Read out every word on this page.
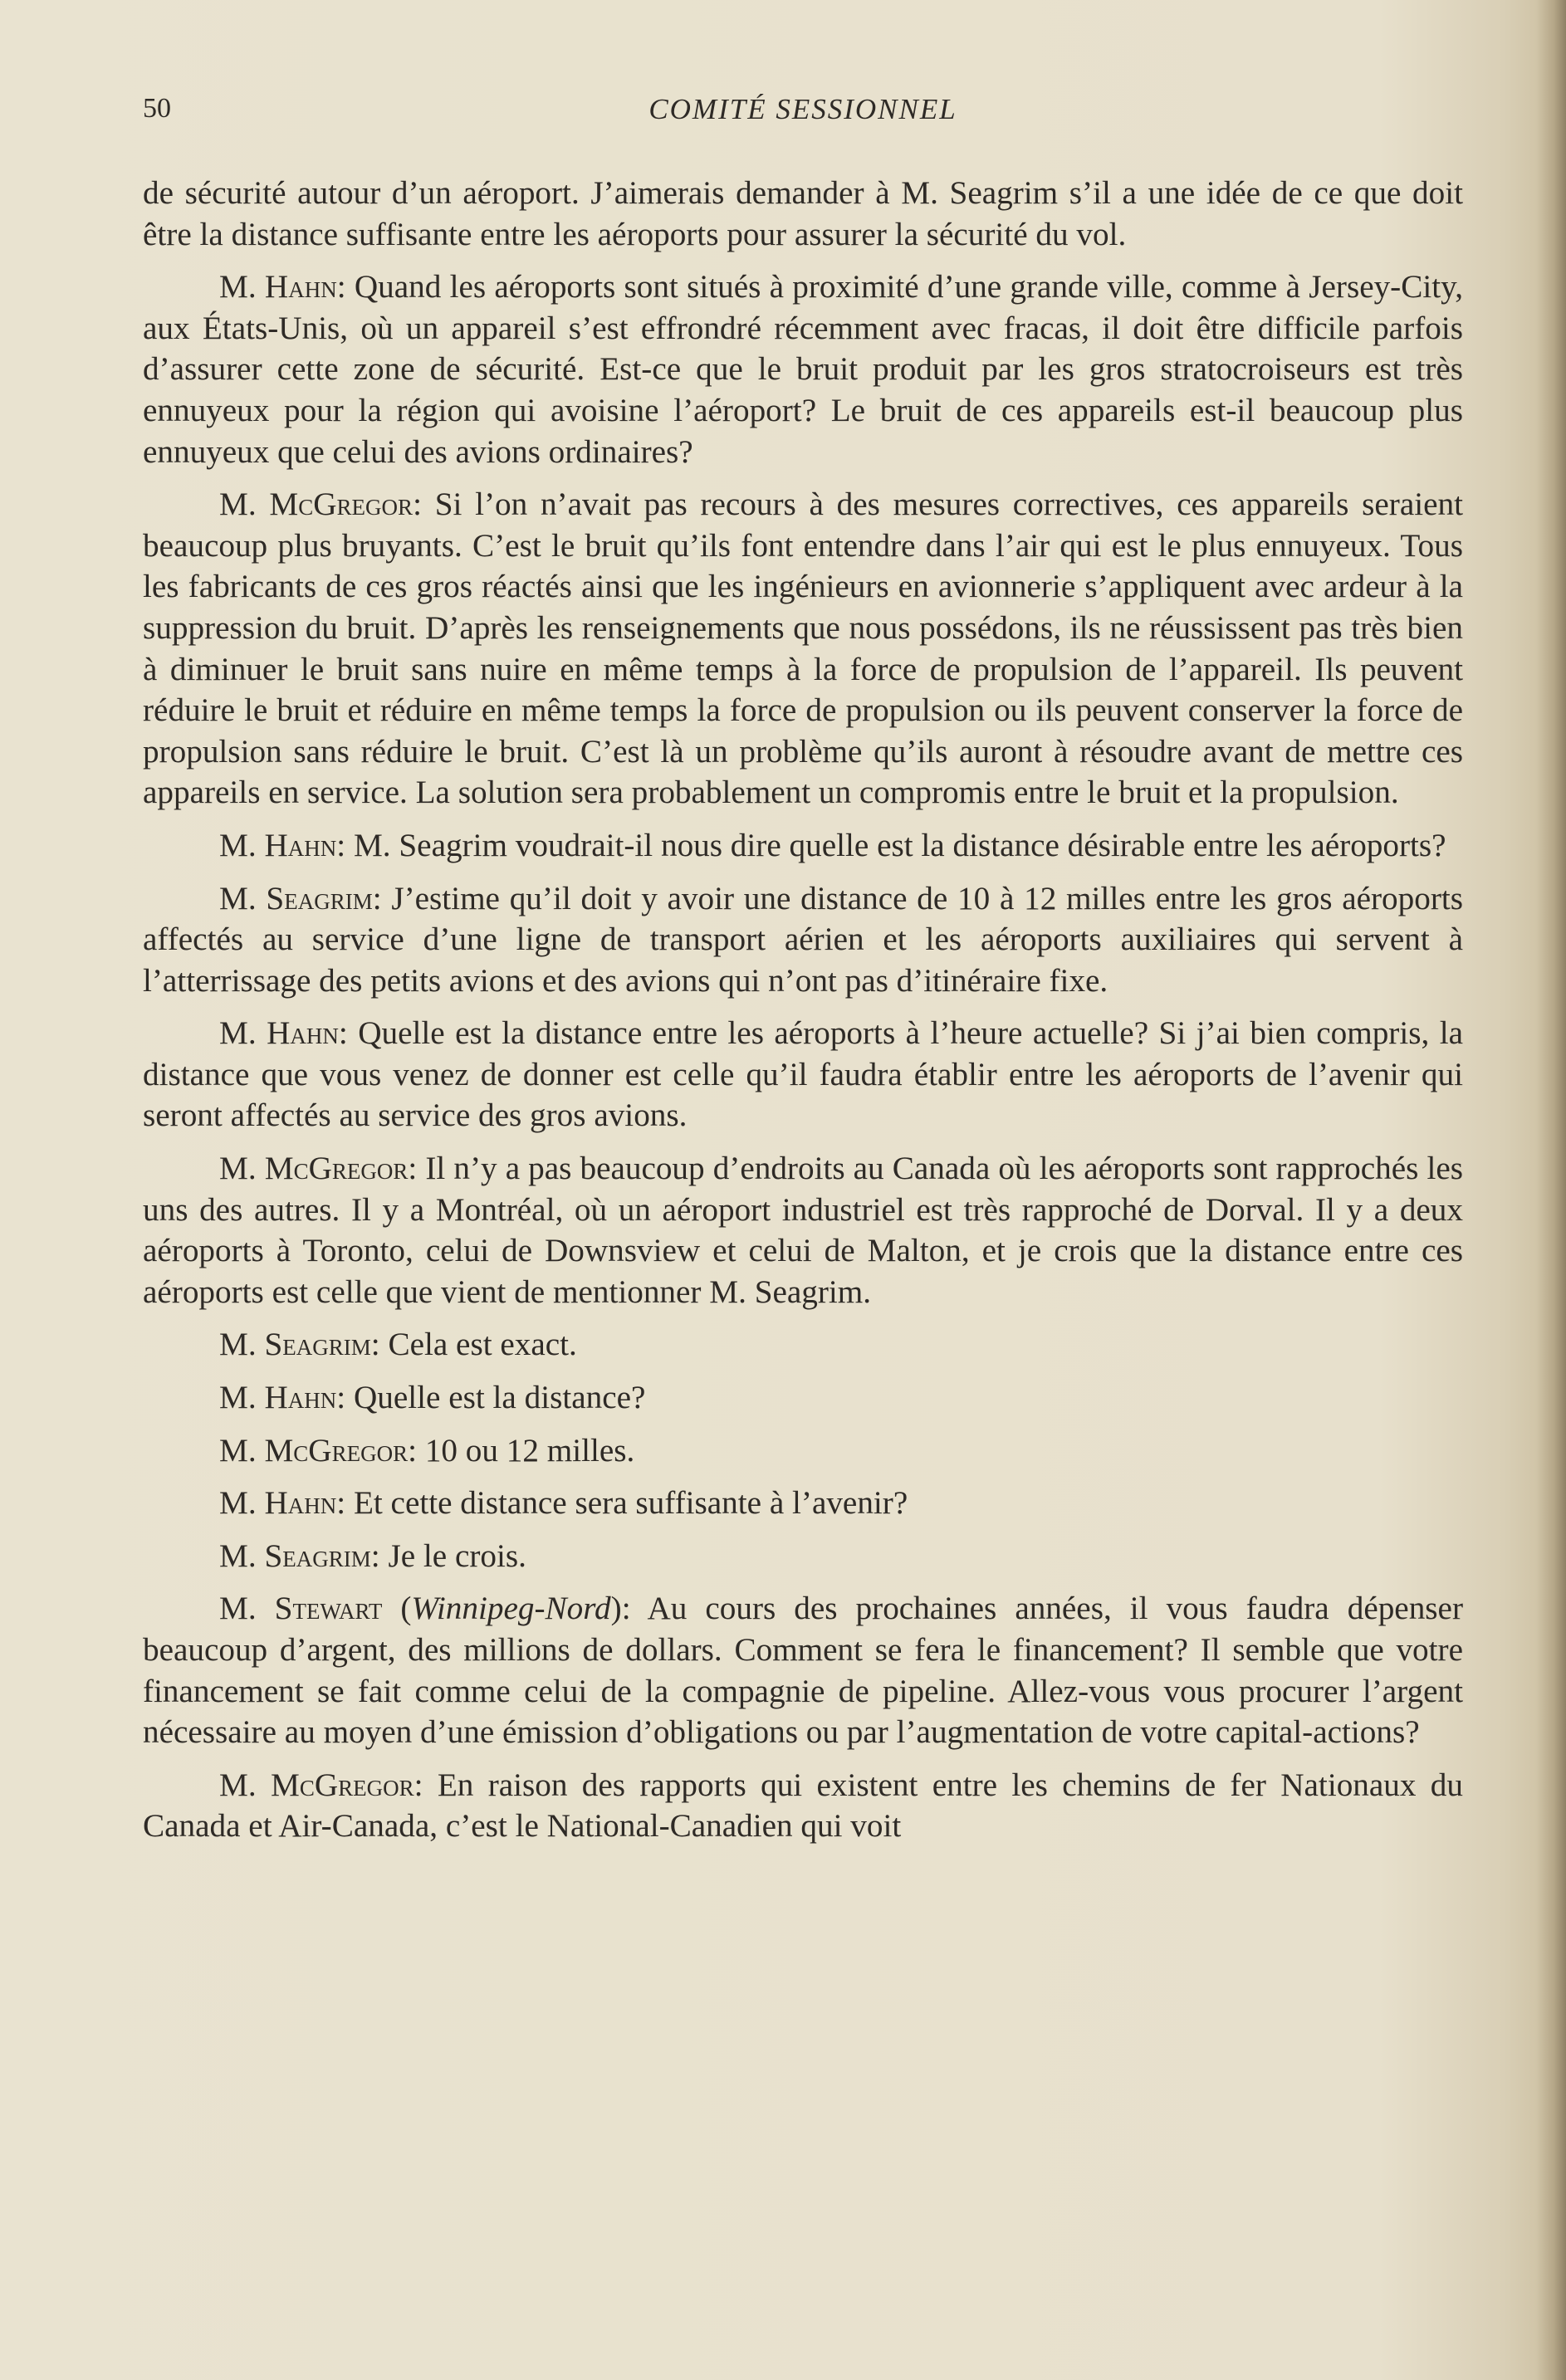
50	COMITÉ SESSIONNEL

de sécurité autour d’un aéroport. J’aimerais demander à M. Seagrim s’il a une idée de ce que doit être la distance suffisante entre les aéroports pour assurer la sécurité du vol.

M. Hahn: Quand les aéroports sont situés à proximité d’une grande ville, comme à Jersey-City, aux États-Unis, où un appareil s’est effrondré récemment avec fracas, il doit être difficile parfois d’assurer cette zone de sécurité. Est-ce que le bruit produit par les gros stratocroiseurs est très ennuyeux pour la région qui avoisine l’aéroport? Le bruit de ces appareils est-il beaucoup plus ennuyeux que celui des avions ordinaires?

M. McGregor: Si l’on n’avait pas recours à des mesures correctives, ces appareils seraient beaucoup plus bruyants. C’est le bruit qu’ils font entendre dans l’air qui est le plus ennuyeux. Tous les fabricants de ces gros réactés ainsi que les ingénieurs en avionnerie s’appliquent avec ardeur à la suppression du bruit. D’après les renseignements que nous possédons, ils ne réussissent pas très bien à diminuer le bruit sans nuire en même temps à la force de propulsion de l’appareil. Ils peuvent réduire le bruit et réduire en même temps la force de propulsion ou ils peuvent conserver la force de propulsion sans réduire le bruit. C’est là un problème qu’ils auront à résoudre avant de mettre ces appareils en service. La solution sera probablement un compromis entre le bruit et la propulsion.

M. Hahn: M. Seagrim voudrait-il nous dire quelle est la distance désirable entre les aéroports?

M. Seagrim: J’estime qu’il doit y avoir une distance de 10 à 12 milles entre les gros aéroports affectés au service d’une ligne de transport aérien et les aéroports auxiliaires qui servent à l’atterrissage des petits avions et des avions qui n’ont pas d’itinéraire fixe.

M. Hahn: Quelle est la distance entre les aéroports à l’heure actuelle? Si j’ai bien compris, la distance que vous venez de donner est celle qu’il faudra établir entre les aéroports de l’avenir qui seront affectés au service des gros avions.

M. McGregor: Il n’y a pas beaucoup d’endroits au Canada où les aéroports sont rapprochés les uns des autres. Il y a Montréal, où un aéroport industriel est très rapproché de Dorval. Il y a deux aéroports à Toronto, celui de Downsview et celui de Malton, et je crois que la distance entre ces aéroports est celle que vient de mentionner M. Seagrim.

M. Seagrim: Cela est exact.

M. Hahn: Quelle est la distance?

M. McGregor: 10 ou 12 milles.

M. Hahn: Et cette distance sera suffisante à l’avenir?

M. Seagrim: Je le crois.

M. Stewart (Winnipeg-Nord): Au cours des prochaines années, il vous faudra dépenser beaucoup d’argent, des millions de dollars. Comment se fera le financement? Il semble que votre financement se fait comme celui de la compagnie de pipeline. Allez-vous vous procurer l’argent nécessaire au moyen d’une émission d’obligations ou par l’augmentation de votre capital-actions?

M. McGregor: En raison des rapports qui existent entre les chemins de fer Nationaux du Canada et Air-Canada, c’est le National-Canadien qui voit
